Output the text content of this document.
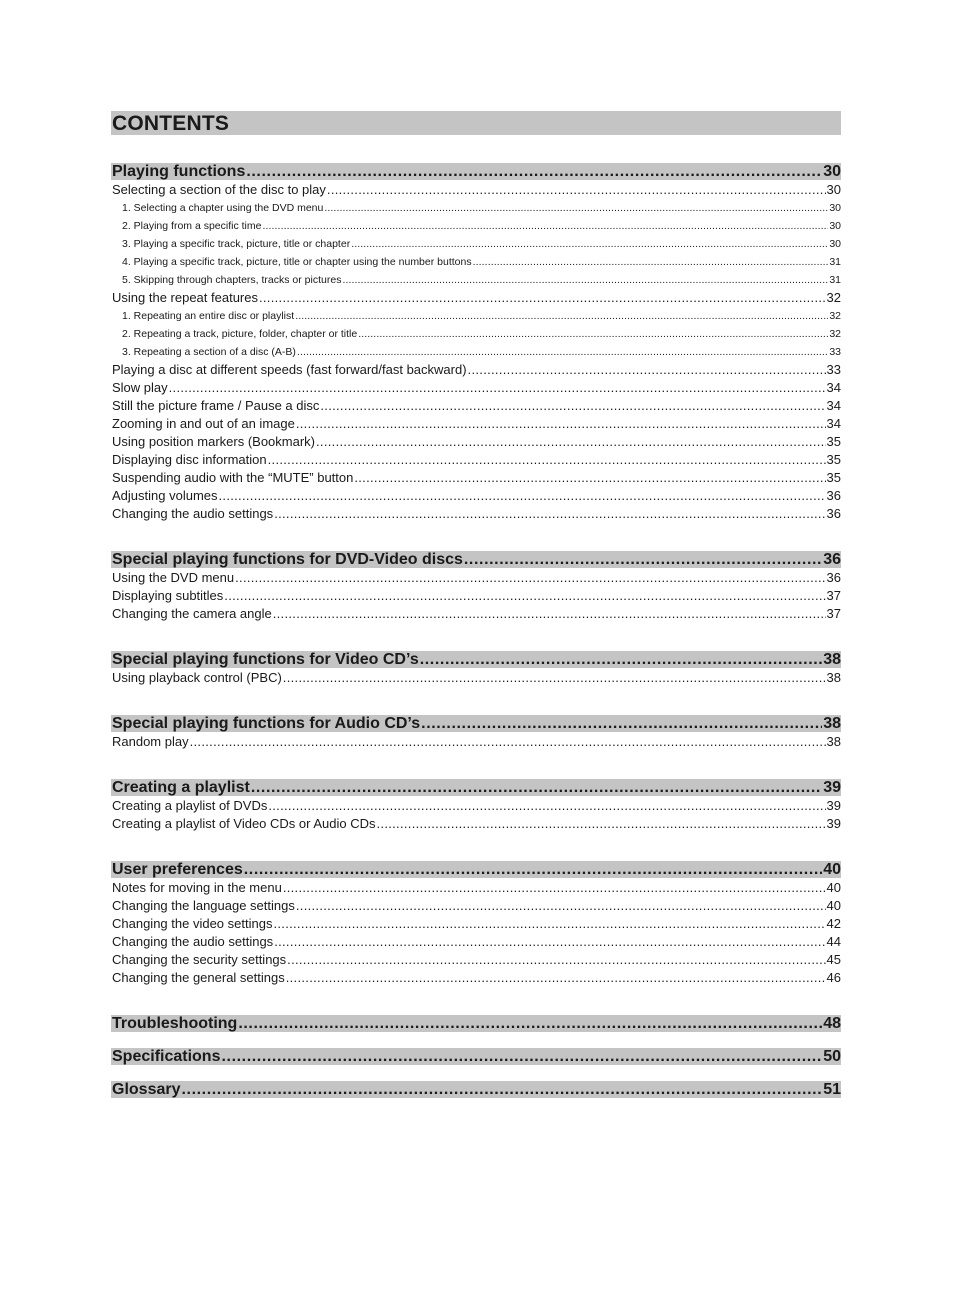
CONTENTS
Playing functions .....	30
Selecting a section of the disc to play .....	30
1. Selecting a chapter using the DVD menu .....	30
2. Playing from a specific time .....	30
3. Playing a specific track, picture, title or chapter .....	30
4. Playing a specific track, picture, title or chapter using the number buttons .....	31
5. Skipping through chapters, tracks or pictures .....	31
Using the repeat features .....	32
1. Repeating an entire disc or playlist .....	32
2. Repeating a track, picture, folder, chapter or title .....	32
3. Repeating a section of a disc (A-B) .....	33
Playing a disc at different speeds (fast forward/fast backward) .....	33
Slow play .....	34
Still the picture frame / Pause a disc .....	34
Zooming in and out of an image .....	34
Using position markers (Bookmark) .....	35
Displaying disc information .....	35
Suspending audio with the “MUTE” button .....	35
Adjusting volumes .....	36
Changing the audio settings .....	36
Special playing functions for DVD-Video discs .....	36
Using the DVD menu .....	36
Displaying subtitles .....	37
Changing the camera angle .....	37
Special playing functions for Video CD’s .....	38
Using playback control (PBC) .....	38
Special playing functions for Audio CD’s .....	38
Random play .....	38
Creating a playlist .....	39
Creating a playlist of DVDs .....	39
Creating a playlist of Video CDs or Audio CDs .....	39
User preferences .....	40
Notes for moving in the menu .....	40
Changing the language settings .....	40
Changing the video settings .....	42
Changing the audio settings .....	44
Changing the security settings .....	45
Changing the general settings .....	46
Troubleshooting .....	48
Specifications .....	50
Glossary .....	51
